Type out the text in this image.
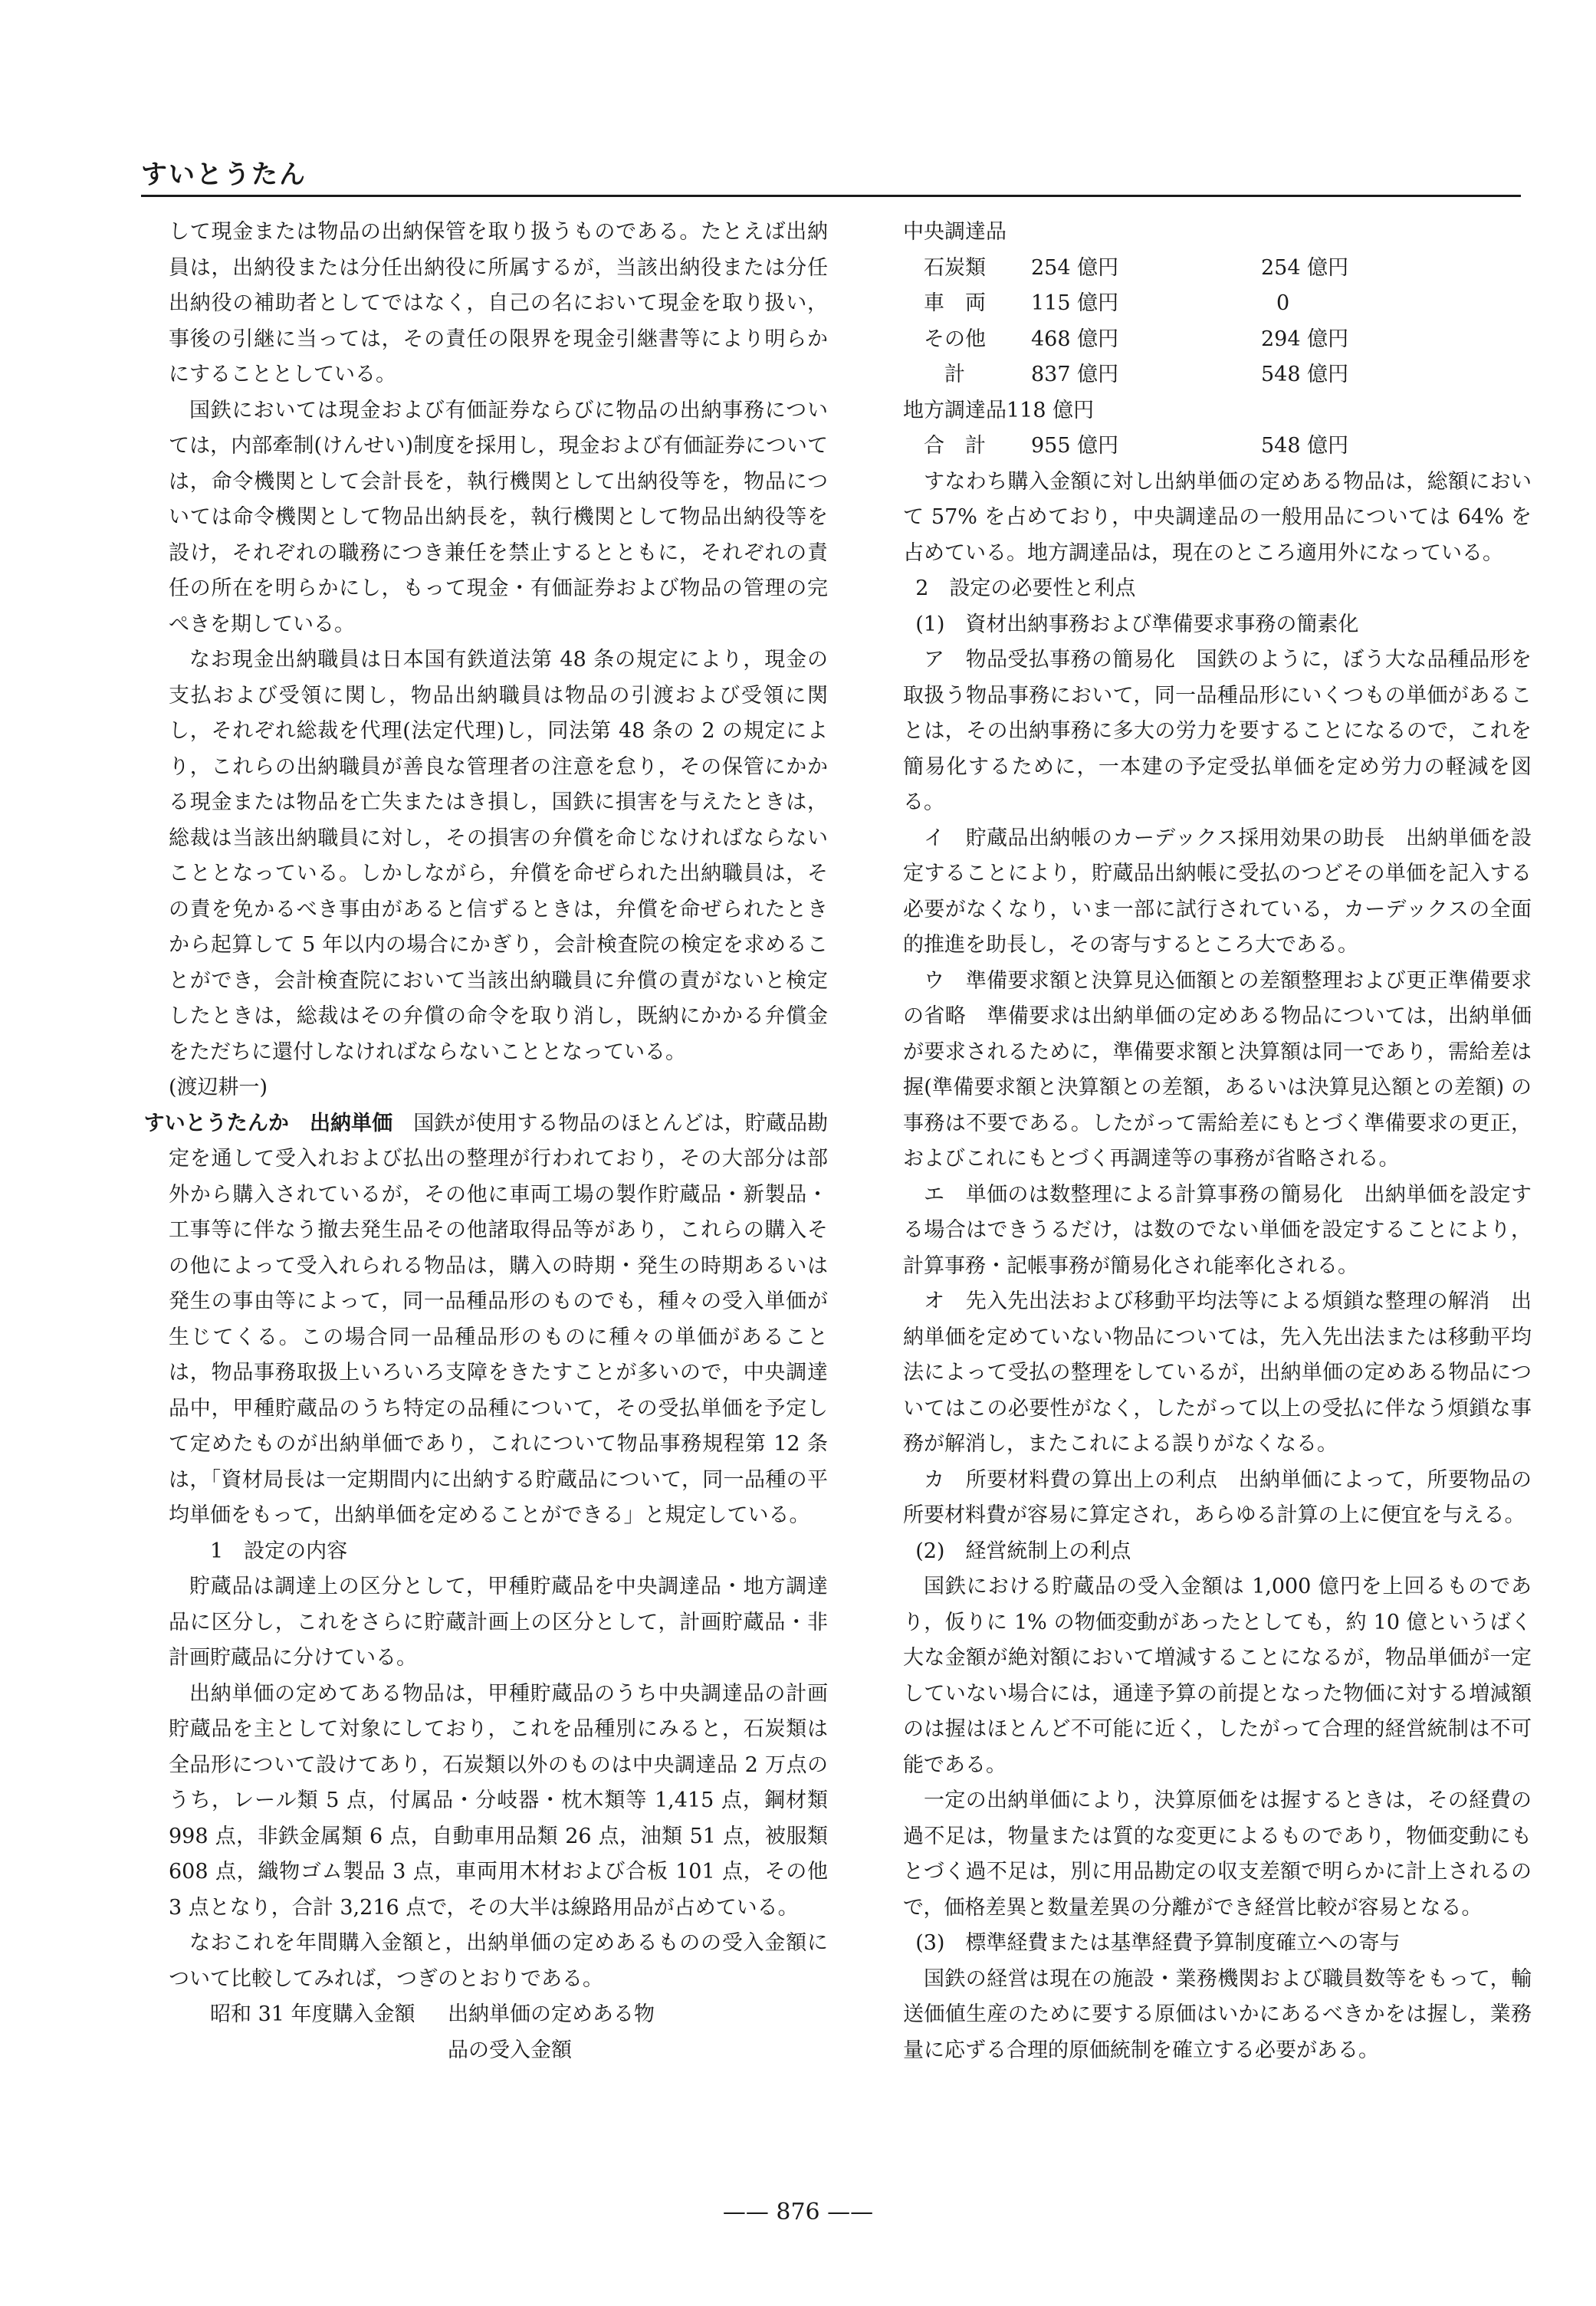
すいとうたん

して現金または物品の出納保管を取り扱うものである。たとえば出納員は，出納役または分任出納役に所属するが，当該出納役または分任出納役の補助者としてではなく，自己の名において現金を取り扱い，事後の引継に当っては，その責任の限界を現金引継書等により明らかにすることとしている。

国鉄においては現金および有価証券ならびに物品の出納事務については，内部牽制(けんせい)制度を採用し，現金および有価証券については，命令機関として会計長を，執行機関として出納役等を，物品については命令機関として物品出納長を，執行機関として物品出納役等を設け，それぞれの職務につき兼任を禁止するとともに，それぞれの責任の所在を明らかにし，もって現金・有価証券および物品の管理の完ぺきを期している。

なお現金出納職員は日本国有鉄道法第 48 条の規定により，現金の支払および受領に関し，物品出納職員は物品の引渡および受領に関し，それぞれ総裁を代理(法定代理)し，同法第 48 条の 2 の規定により，これらの出納職員が善良な管理者の注意を怠り，その保管にかかる現金または物品を亡失またはき損し，国鉄に損害を与えたときは，総裁は当該出納職員に対し，その損害の弁償を命じなければならないこととなっている。しかしながら，弁償を命ぜられた出納職員は，その責を免かるべき事由があると信ずるときは，弁償を命ぜられたときから起算して 5 年以内の場合にかぎり，会計検査院の検定を求めることができ，会計検査院において当該出納職員に弁償の責がないと検定したときは，総裁はその弁償の命令を取り消し，既納にかかる弁償金をただちに還付しなければならないこととなっている。

(渡辺耕一)

すいとうたんか　出納単価　 国鉄が使用する物品のほとんどは，貯蔵品勘定を通して受入れおよび払出の整理が行われており，その大部分は部外から購入されているが，その他に車両工場の製作貯蔵品・新製品・工事等に伴なう撤去発生品その他諸取得品等があり，これらの購入その他によって受入れられる物品は，購入の時期・発生の時期あるいは発生の事由等によって，同一品種品形のものでも，種々の受入単価が生じてくる。この場合同一品種品形のものに種々の単価があることは，物品事務取扱上いろいろ支障をきたすことが多いので，中央調達品中，甲種貯蔵品のうち特定の品種について，その受払単価を予定して定めたものが出納単価であり，これについて物品事務規程第 12 条は，「資材局長は一定期間内に出納する貯蔵品について，同一品種の平均単価をもって，出納単価を定めることができる」と規定している。

1　設定の内容

貯蔵品は調達上の区分として，甲種貯蔵品を中央調達品・地方調達品に区分し，これをさらに貯蔵計画上の区分として，計画貯蔵品・非計画貯蔵品に分けている。

出納単価の定めてある物品は，甲種貯蔵品のうち中央調達品の計画貯蔵品を主として対象にしており，これを品種別にみると，石炭類は全品形について設けてあり，石炭類以外のものは中央調達品 2 万点のうち，レール類 5 点，付属品・分岐器・枕木類等 1,415 点，鋼材類 998 点，非鉄金属類 6 点，自動車用品類 26 点，油類 51 点，被服類 608 点，織物ゴム製品 3 点，車両用木材および合板 101 点，その他 3 点となり，合計 3,216 点で，その大半は線路用品が占めている。

なおこれを年間購入金額と，出納単価の定めあるものの受入金額について比較してみれば，つぎのとおりである。

昭和 31 年度購入金額	出納単価の定めある物
品の受入金額
中央調達品
石炭類	254 億円	254 億円
車　両	115 億円	0
その他	468 億円	294 億円
　計	837 億円	548 億円
地方調達品 118 億円
合　計	955 億円	548 億円

すなわち購入金額に対し出納単価の定めある物品は，総額において 57% を占めており，中央調達品の一般用品については 64% を占めている。地方調達品は，現在のところ適用外になっている。

2　設定の必要性と利点

(1)　資材出納事務および準備要求事務の簡素化

ア　物品受払事務の簡易化　国鉄のように，ぼう大な品種品形を取扱う物品事務において，同一品種品形にいくつもの単価があることは，その出納事務に多大の労力を要することになるので，これを簡易化するために，一本建の予定受払単価を定め労力の軽減を図る。

イ　貯蔵品出納帳のカーデックス採用効果の助長　出納単価を設定することにより，貯蔵品出納帳に受払のつどその単価を記入する必要がなくなり，いま一部に試行されている，カーデックスの全面的推進を助長し，その寄与するところ大である。

ウ　準備要求額と決算見込価額との差額整理および更正準備要求の省略　準備要求は出納単価の定めある物品については，出納単価が要求されるために，準備要求額と決算額は同一であり，需給差は握(準備要求額と決算額との差額，あるいは決算見込額との差額) の事務は不要である。したがって需給差にもとづく準備要求の更正，およびこれにもとづく再調達等の事務が省略される。

エ　単価のは数整理による計算事務の簡易化　出納単価を設定する場合はできうるだけ，は数のでない単価を設定することにより，計算事務・記帳事務が簡易化され能率化される。

オ　先入先出法および移動平均法等による煩鎖な整理の解消　出納単価を定めていない物品については，先入先出法または移動平均法によって受払の整理をしているが，出納単価の定めある物品についてはこの必要性がなく，したがって以上の受払に伴なう煩鎖な事務が解消し，またこれによる誤りがなくなる。

カ　所要材料費の算出上の利点　出納単価によって，所要物品の所要材料費が容易に算定され，あらゆる計算の上に便宜を与える。

(2)　経営統制上の利点

国鉄における貯蔵品の受入金額は 1,000 億円を上回るものであり，仮りに 1% の物価変動があったとしても，約 10 億というばく大な金額が絶対額において増減することになるが，物品単価が一定していない場合には，通達予算の前提となった物価に対する増減額のは握はほとんど不可能に近く，したがって合理的経営統制は不可能である。

一定の出納単価により，決算原価をは握するときは，その経費の過不足は，物量または質的な変更によるものであり，物価変動にもとづく過不足は，別に用品勘定の収支差額で明らかに計上されるので，価格差異と数量差異の分離ができ経営比較が容易となる。

(3)　標準経費または基準経費予算制度確立への寄与

国鉄の経営は現在の施設・業務機関および職員数等をもって，輸送価値生産のために要する原価はいかにあるべきかをは握し，業務量に応ずる合理的原価統制を確立する必要がある。

—— 876 ——
